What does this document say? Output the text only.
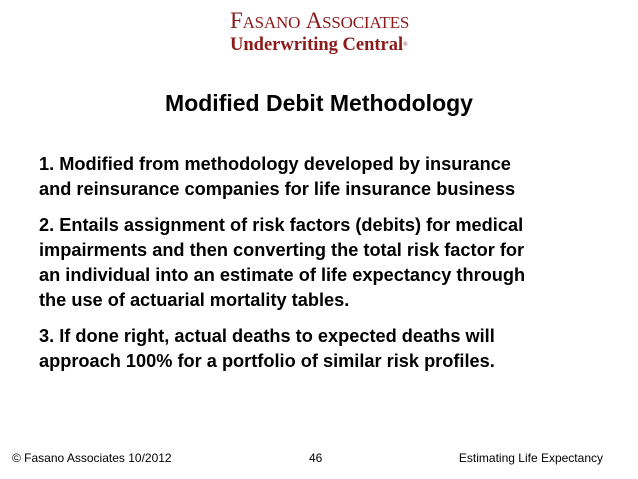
FASANO ASSOCIATES
Underwriting Central®
Modified Debit Methodology
1. Modified from methodology developed by insurance
and reinsurance companies for life insurance business
2. Entails assignment of risk factors (debits) for medical
impairments and then converting the total risk factor for
an individual into an estimate of life expectancy through
the use of actuarial mortality tables.
3. If done right, actual deaths to expected deaths will
approach 100% for a portfolio of similar risk profiles.
© Fasano Associates 10/2012	46	Estimating Life Expectancy
